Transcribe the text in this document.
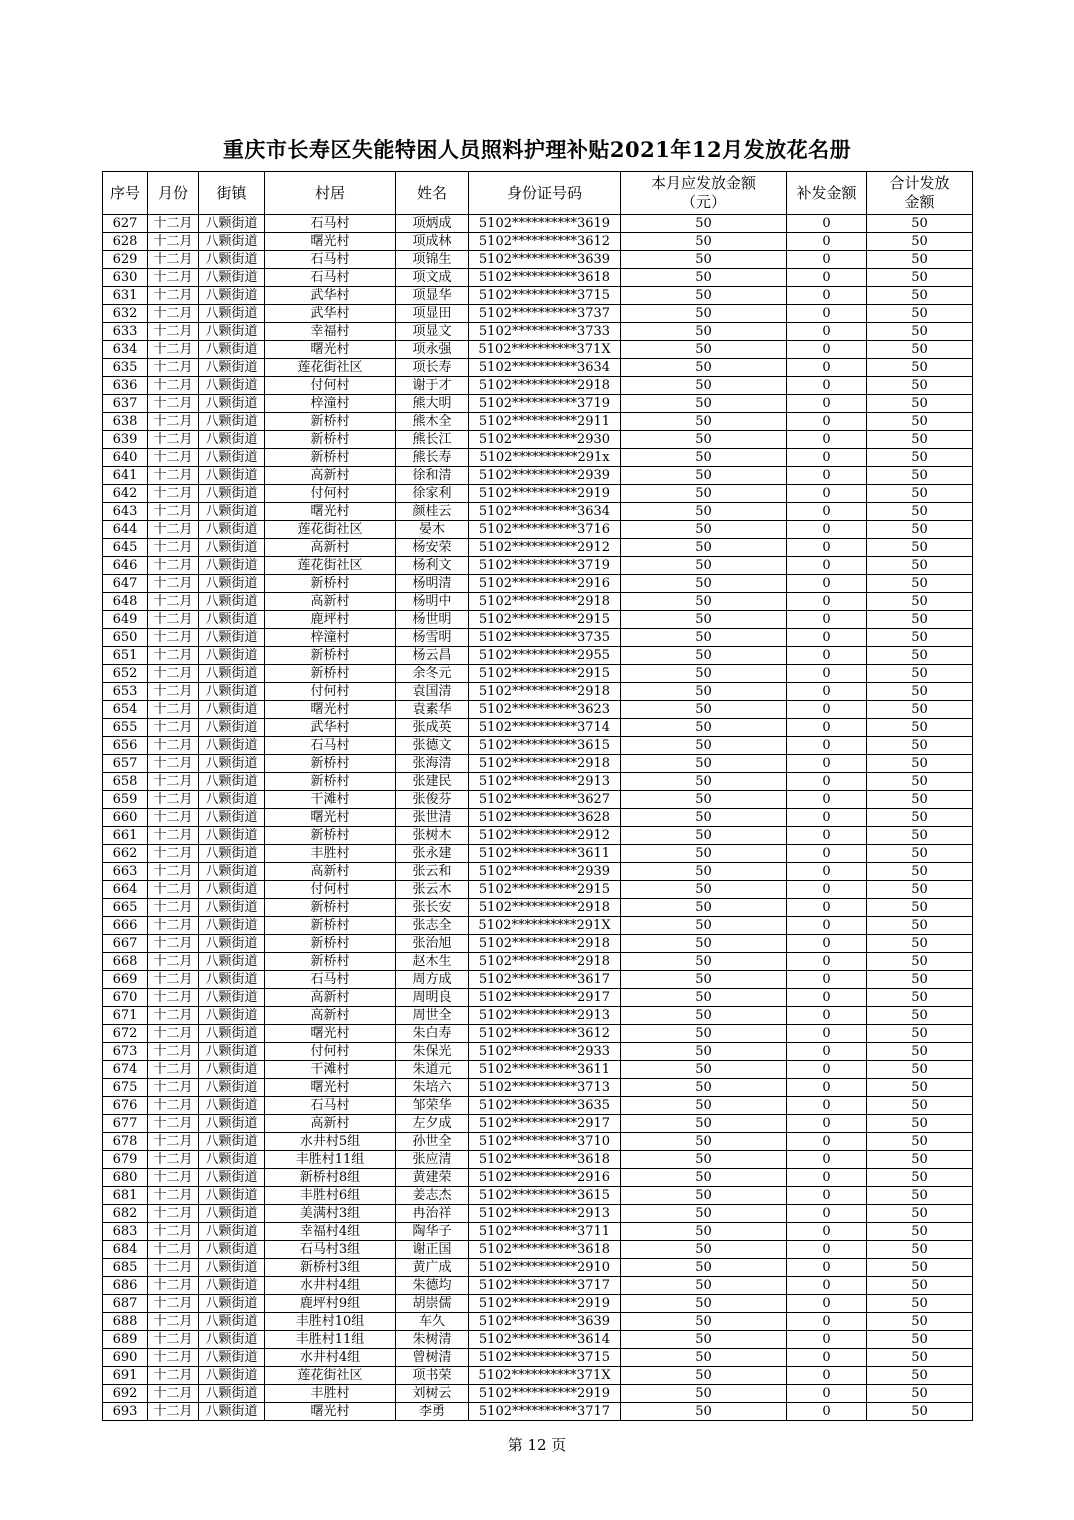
重庆市长寿区失能特困人员照料护理补贴2021年12月发放花名册
序号	月份	街镇	村居	姓名	身份证号码	本月应发放金额（元）	补发金额	合计发放金额
627	十二月	八颗街道	石马村	项炳成	5102**********3619	50	0	50
628	十二月	八颗街道	曙光村	项成林	5102**********3612	50	0	50
629	十二月	八颗街道	石马村	项锦生	5102**********3639	50	0	50
630	十二月	八颗街道	石马村	项文成	5102**********3618	50	0	50
631	十二月	八颗街道	武华村	项显华	5102**********3715	50	0	50
632	十二月	八颗街道	武华村	项显田	5102**********3737	50	0	50
633	十二月	八颗街道	幸福村	项显文	5102**********3733	50	0	50
634	十二月	八颗街道	曙光村	项永强	5102**********371X	50	0	50
635	十二月	八颗街道	莲花街社区	项长寿	5102**********3634	50	0	50
636	十二月	八颗街道	付何村	谢于才	5102**********2918	50	0	50
637	十二月	八颗街道	梓潼村	熊大明	5102**********3719	50	0	50
638	十二月	八颗街道	新桥村	熊木全	5102**********2911	50	0	50
639	十二月	八颗街道	新桥村	熊长江	5102**********2930	50	0	50
640	十二月	八颗街道	新桥村	熊长寿	5102**********291x	50	0	50
641	十二月	八颗街道	高新村	徐和清	5102**********2939	50	0	50
642	十二月	八颗街道	付何村	徐家利	5102**********2919	50	0	50
643	十二月	八颗街道	曙光村	颜桂云	5102**********3634	50	0	50
644	十二月	八颗街道	莲花街社区	晏木	5102**********3716	50	0	50
645	十二月	八颗街道	高新村	杨安荣	5102**********2912	50	0	50
646	十二月	八颗街道	莲花街社区	杨利文	5102**********3719	50	0	50
647	十二月	八颗街道	新桥村	杨明清	5102**********2916	50	0	50
648	十二月	八颗街道	高新村	杨明中	5102**********2918	50	0	50
649	十二月	八颗街道	鹿坪村	杨世明	5102**********2915	50	0	50
650	十二月	八颗街道	梓潼村	杨雪明	5102**********3735	50	0	50
651	十二月	八颗街道	新桥村	杨云昌	5102**********2955	50	0	50
652	十二月	八颗街道	新桥村	余冬元	5102**********2915	50	0	50
653	十二月	八颗街道	付何村	袁国清	5102**********2918	50	0	50
654	十二月	八颗街道	曙光村	袁素华	5102**********3623	50	0	50
655	十二月	八颗街道	武华村	张成英	5102**********3714	50	0	50
656	十二月	八颗街道	石马村	张德文	5102**********3615	50	0	50
657	十二月	八颗街道	新桥村	张海清	5102**********2918	50	0	50
658	十二月	八颗街道	新桥村	张建民	5102**********2913	50	0	50
659	十二月	八颗街道	干滩村	张俊芬	5102**********3627	50	0	50
660	十二月	八颗街道	曙光村	张世清	5102**********3628	50	0	50
661	十二月	八颗街道	新桥村	张树木	5102**********2912	50	0	50
662	十二月	八颗街道	丰胜村	张永建	5102**********3611	50	0	50
663	十二月	八颗街道	高新村	张云和	5102**********2939	50	0	50
664	十二月	八颗街道	付何村	张云木	5102**********2915	50	0	50
665	十二月	八颗街道	新桥村	张长安	5102**********2918	50	0	50
666	十二月	八颗街道	新桥村	张志全	5102**********291X	50	0	50
667	十二月	八颗街道	新桥村	张治旭	5102**********2918	50	0	50
668	十二月	八颗街道	新桥村	赵木生	5102**********2918	50	0	50
669	十二月	八颗街道	石马村	周方成	5102**********3617	50	0	50
670	十二月	八颗街道	高新村	周明良	5102**********2917	50	0	50
671	十二月	八颗街道	高新村	周世全	5102**********2913	50	0	50
672	十二月	八颗街道	曙光村	朱白寿	5102**********3612	50	0	50
673	十二月	八颗街道	付何村	朱保光	5102**********2933	50	0	50
674	十二月	八颗街道	干滩村	朱道元	5102**********3611	50	0	50
675	十二月	八颗街道	曙光村	朱培六	5102**********3713	50	0	50
676	十二月	八颗街道	石马村	邹荣华	5102**********3635	50	0	50
677	十二月	八颗街道	高新村	左夕成	5102**********2917	50	0	50
678	十二月	八颗街道	水井村5组	孙世全	5102**********3710	50	0	50
679	十二月	八颗街道	丰胜村11组	张应清	5102**********3618	50	0	50
680	十二月	八颗街道	新桥村8组	黄建荣	5102**********2916	50	0	50
681	十二月	八颗街道	丰胜村6组	姜志杰	5102**********3615	50	0	50
682	十二月	八颗街道	美满村3组	冉治祥	5102**********2913	50	0	50
683	十二月	八颗街道	幸福村4组	陶华子	5102**********3711	50	0	50
684	十二月	八颗街道	石马村3组	谢正国	5102**********3618	50	0	50
685	十二月	八颗街道	新桥村3组	黄广成	5102**********2910	50	0	50
686	十二月	八颗街道	水井村4组	朱德均	5102**********3717	50	0	50
687	十二月	八颗街道	鹿坪村9组	胡崇儒	5102**********2919	50	0	50
688	十二月	八颗街道	丰胜村10组	车久	5102**********3639	50	0	50
689	十二月	八颗街道	丰胜村11组	朱树清	5102**********3614	50	0	50
690	十二月	八颗街道	水井村4组	曾树清	5102**********3715	50	0	50
691	十二月	八颗街道	莲花街社区	项书荣	5102**********371X	50	0	50
692	十二月	八颗街道	丰胜村	刘树云	5102**********2919	50	0	50
693	十二月	八颗街道	曙光村	李勇	5102**********3717	50	0	50
第 12 页
